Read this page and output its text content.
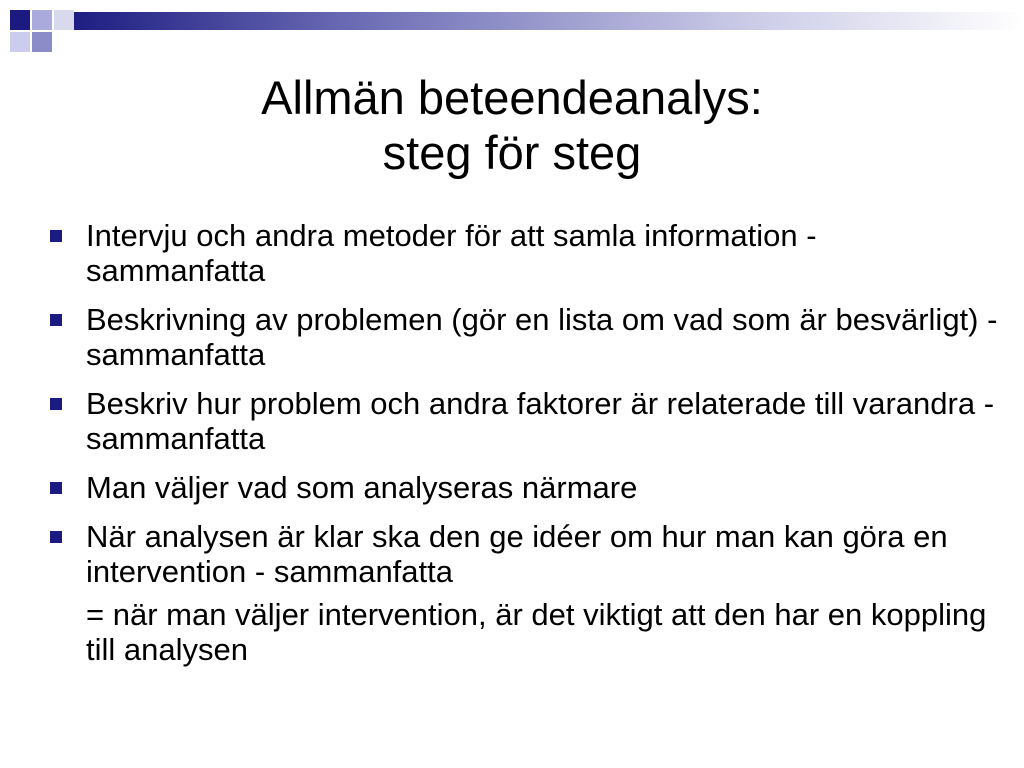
Allmän beteendeanalys:
steg för steg
Intervju och andra metoder för att samla information - sammanfatta
Beskrivning av problemen (gör en lista om vad som är besvärligt) - sammanfatta
Beskriv hur problem och andra faktorer är relaterade till varandra - sammanfatta
Man väljer vad som analyseras närmare
När analysen är klar ska den ge idéer om hur man kan göra en intervention - sammanfatta
= när man väljer intervention, är det viktigt att den har en koppling till analysen
